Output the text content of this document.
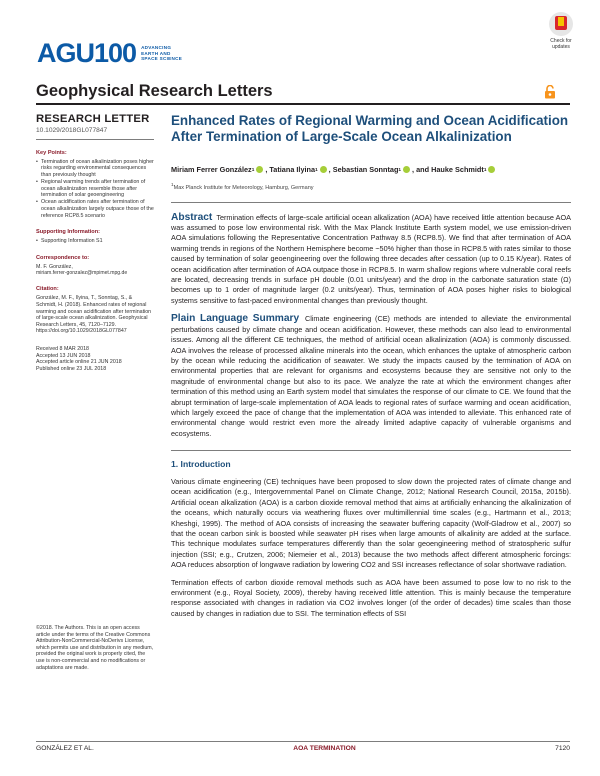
AGU100 ADVANCING
EARTH AND
SPACE SCIENCE
Check for
updates
Geophysical Research Letters
RESEARCH LETTER
10.1029/2018GL077847
Key Points:
• Termination of ocean alkalinization poses higher risks regarding environmental consequences than previously thought
• Regional warming trends after termination of ocean alkalinization resemble those after termination of solar geoengineering
• Ocean acidification rates after termination of ocean alkalinization largely outpace those of the reference RCP8.5 scenario
Supporting Information:
• Supporting Information S1
Correspondence to:
M. F. González,
miriam.ferrer-gonzalez@mpimet.mpg.de
Citation:
González, M. F., Ilyina, T., Sonntag, S., & Schmidt, H. (2018). Enhanced rates of regional warming and ocean acidification after termination of large-scale ocean alkalinization. Geophysical Research Letters, 45, 7120–7129. https://doi.org/10.1029/2018GL077847
Received 8 MAR 2018
Accepted 13 JUN 2018
Accepted article online 21 JUN 2018
Published online 23 JUL 2018
©2018. The Authors. This is an open access article under the terms of the Creative Commons Attribution-NonCommercial-NoDerivs License, which permits use and distribution in any medium, provided the original work is properly cited, the use is non-commercial and no modifications or adaptations are made.
Enhanced Rates of Regional Warming and Ocean Acidification After Termination of Large-Scale Ocean Alkalinization
Miriam Ferrer González 1 , Tatiana Ilyina 1 , Sebastian Sonntag 1 , and Hauke Schmidt 1
1Max Planck Institute for Meteorology, Hamburg, Germany

Abstract Termination effects of large-scale artificial ocean alkalization (AOA) have received little attention because AOA was assumed to pose low environmental risk. With the Max Planck Institute Earth system model, we use emission-driven AOA simulations following the Representative Concentration Pathway 8.5 (RCP8.5). We find that after termination of AOA warming trends in regions of the Northern Hemisphere become ~50% higher than those in RCP8.5 with rates similar to those caused by termination of solar geoengineering over the following three decades after cessation (up to 0.15 K/year). Rates of ocean acidification after termination of AOA outpace those in RCP8.5. In warm shallow regions where vulnerable coral reefs are located, decreasing trends in surface pH double (0.01 units/year) and the drop in the carbonate saturation state (Ω) becomes up to 1 order of magnitude larger (0.2 units/year). Thus, termination of AOA poses higher risks to biological systems sensitive to fast-paced environmental changes than previously thought.

Plain Language Summary Climate engineering (CE) methods are intended to alleviate the environmental perturbations caused by climate change and ocean acidification. However, these methods can also lead to environmental issues. Among all the different CE techniques, the method of artificial ocean alkalinization (AOA) is commonly discussed. AOA involves the release of processed alkaline minerals into the ocean, which enhances the uptake of atmospheric carbon by the ocean while reducing the acidification of seawater. We study the impacts caused by the termination of AOA on environmental properties that are relevant for organisms and ecosystems because they are sensitive not only to the magnitude of environmental change but also to its pace. We analyze the rate at which the environment changes after termination of this method using an Earth system model that simulates the response of our climate to CE. We found that the abrupt termination of large-scale implementation of AOA leads to regional rates of surface warming and ocean acidification, which largely exceed the pace of change that the implementation of AOA was intended to alleviate. This enhanced rate of environmental change would restrict even more the already limited adaptive capacity of vulnerable organisms and ecosystems.

1. Introduction

Various climate engineering (CE) techniques have been proposed to slow down the projected rates of climate change and ocean acidification (e.g., Intergovernmental Panel on Climate Change, 2012; National Research Council, 2015a, 2015b). Artificial ocean alkalization (AOA) is a carbon dioxide removal method that aims at artificially enhancing the alkalinization of the oceans, which naturally occurs via weathering fluxes over multimillennial time scales (e.g., Hartmann et al., 2013; Kheshgi, 1995). The method of AOA consists of increasing the seawater buffering capacity (Wolf-Gladrow et al., 2007) so that the ocean carbon sink is boosted while seawater pH rises when large amounts of alkalinity are added at the surface. This technique modulates surface temperatures differently than the solar geoengineering method of stratospheric sulfur injection (SSI; e.g., Crutzen, 2006; Niemeier et al., 2013) because the two methods affect different atmospheric forcings: AOA reduces absorption of longwave radiation by lowering CO2 and SSI increases reflectance of solar shortwave radiation.

Termination effects of carbon dioxide removal methods such as AOA have been assumed to pose low to no risk to the environment (e.g., Royal Society, 2009), thereby having received little attention. This is mainly because the temperature response associated with changes in radiation via CO2 involves longer (of the order of decades) time scales than those caused by changes in radiation due to SSI. The termination effects of SSI

GONZÁLEZ ET AL.	AOA TERMINATION	7120
